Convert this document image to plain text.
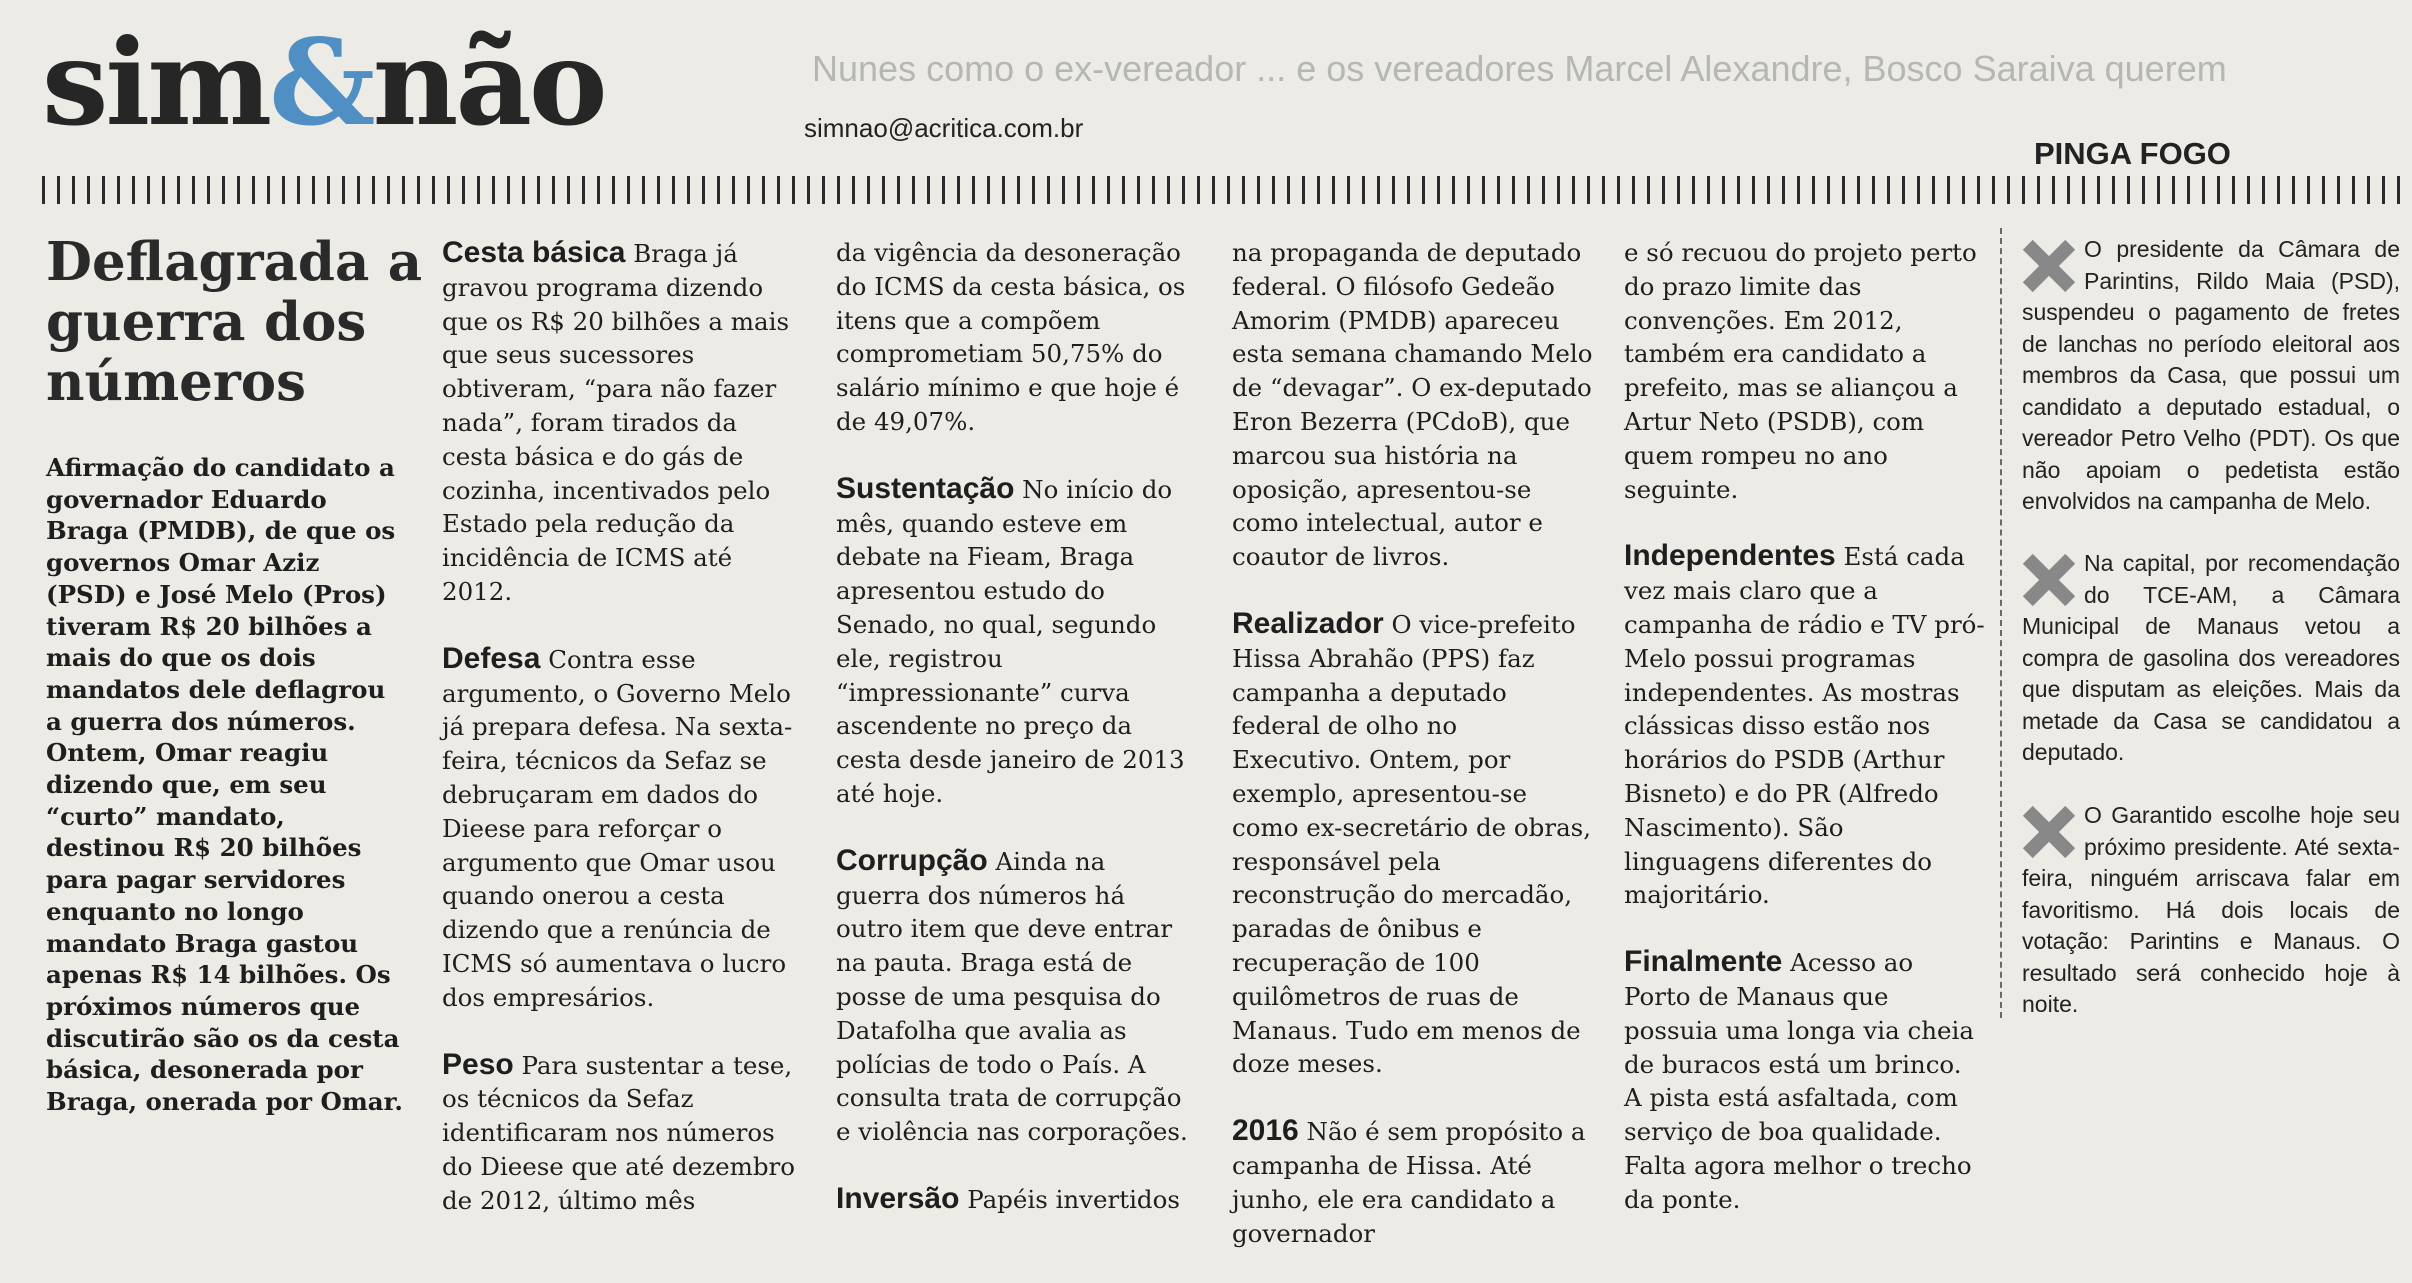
sim&não	Nunes como o ex-vereador ... e os vereadores Marcel Alexandre, Bosco Saraiva querem
simnao@acritica.com.br
PINGA FOGO
Deflagrada a guerra dos números
Afirmação do candidato a governador Eduardo Braga (PMDB), de que os governos Omar Aziz (PSD) e José Melo (Pros) tiveram R$ 20 bilhões a mais do que os dois mandatos dele deflagrou a guerra dos números. Ontem, Omar reagiu dizendo que, em seu “curto” mandato, destinou R$ 20 bilhões para pagar servidores enquanto no longo mandato Braga gastou apenas R$ 14 bilhões. Os próximos números que discutirão são os da cesta básica, desonerada por Braga, onerada por Omar.

Cesta básica Braga já gravou programa dizendo que os R$ 20 bilhões a mais que seus sucessores obtiveram, “para não fazer nada”, foram tirados da cesta básica e do gás de cozinha, incentivados pelo Estado pela redução da incidência de ICMS até 2012.

Defesa Contra esse argumento, o Governo Melo já prepara defesa. Na sexta-feira, técnicos da Sefaz se debruçaram em dados do Dieese para reforçar o argumento que Omar usou quando onerou a cesta dizendo que a renúncia de ICMS só aumentava o lucro dos empresários.

Peso Para sustentar a tese, os técnicos da Sefaz identificaram nos números do Dieese que até dezembro de 2012, último mês

da vigência da desoneração do ICMS da cesta básica, os itens que a compõem comprometiam 50,75% do salário mínimo e que hoje é de 49,07%.

Sustentação No início do mês, quando esteve em debate na Fieam, Braga apresentou estudo do Senado, no qual, segundo ele, registrou “impressionante” curva ascendente no preço da cesta desde janeiro de 2013 até hoje.

Corrupção Ainda na guerra dos números há outro item que deve entrar na pauta. Braga está de posse de uma pesquisa do Datafolha que avalia as polícias de todo o País. A consulta trata de corrupção e violência nas corporações.

Inversão Papéis invertidos

na propaganda de deputado federal. O filósofo Gedeão Amorim (PMDB) apareceu esta semana chamando Melo de “devagar”. O ex-deputado Eron Bezerra (PCdoB), que marcou sua história na oposição, apresentou-se como intelectual, autor e coautor de livros.

Realizador O vice-prefeito Hissa Abrahão (PPS) faz campanha a deputado federal de olho no Executivo. Ontem, por exemplo, apresentou-se como ex-secretário de obras, responsável pela reconstrução do mercadão, paradas de ônibus e recuperação de 100 quilômetros de ruas de Manaus. Tudo em menos de doze meses.

2016 Não é sem propósito a campanha de Hissa. Até junho, ele era candidato a governador

e só recuou do projeto perto do prazo limite das convenções. Em 2012, também era candidato a prefeito, mas se aliançou a Artur Neto (PSDB), com quem rompeu no ano seguinte.

Independentes Está cada vez mais claro que a campanha de rádio e TV pró-Melo possui programas independentes. As mostras clássicas disso estão nos horários do PSDB (Arthur Bisneto) e do PR (Alfredo Nascimento). São linguagens diferentes do majoritário.

Finalmente Acesso ao Porto de Manaus que possuia uma longa via cheia de buracos está um brinco. A pista está asfaltada, com serviço de boa qualidade. Falta agora melhor o trecho da ponte.

O presidente da Câmara de Parintins, Rildo Maia (PSD), suspendeu o pagamento de fretes de lanchas no período eleitoral aos membros da Casa, que possui um candidato a deputado estadual, o vereador Petro Velho (PDT). Os que não apoiam o pedetista estão envolvidos na campanha de Melo.
Na capital, por recomendação do TCE-AM, a Câmara Municipal de Manaus vetou a compra de gasolina dos vereadores que disputam as eleições. Mais da metade da Casa se candidatou a deputado.
O Garantido escolhe hoje seu próximo presidente. Até sexta-feira, ninguém arriscava falar em favoritismo. Há dois locais de votação: Parintins e Manaus. O resultado será conhecido hoje à noite.
